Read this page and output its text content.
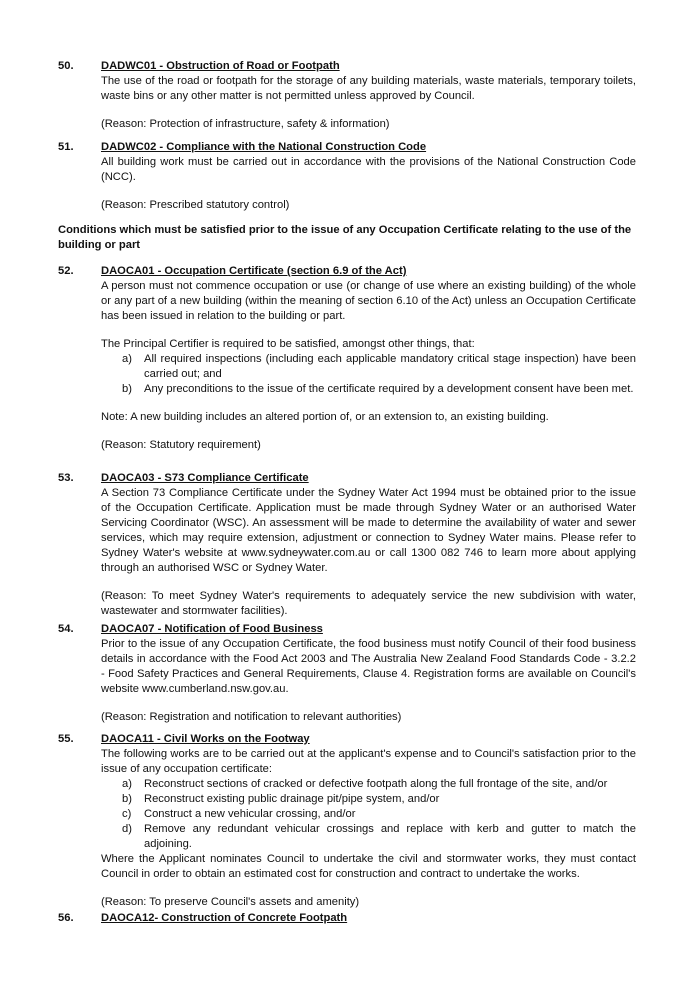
50. DADWC01 - Obstruction of Road or Footpath

The use of the road or footpath for the storage of any building materials, waste materials, temporary toilets, waste bins or any other matter is not permitted unless approved by Council.

(Reason: Protection of infrastructure, safety & information)

51. DADWC02 - Compliance with the National Construction Code

All building work must be carried out in accordance with the provisions of the National Construction Code (NCC).

(Reason: Prescribed statutory control)

Conditions which must be satisfied prior to the issue of any Occupation Certificate relating to the use of the building or part
52. DAOCA01 - Occupation Certificate (section 6.9 of the Act)

A person must not commence occupation or use (or change of use where an existing building) of the whole or any part of a new building (within the meaning of section 6.10 of the Act) unless an Occupation Certificate has been issued in relation to the building or part.

The Principal Certifier is required to be satisfied, amongst other things, that:

a) All required inspections (including each applicable mandatory critical stage inspection) have been carried out; and
b) Any preconditions to the issue of the certificate required by a development consent have been met.

Note: A new building includes an altered portion of, or an extension to, an existing building.

(Reason: Statutory requirement)

53. DAOCA03 - S73 Compliance Certificate

A Section 73 Compliance Certificate under the Sydney Water Act 1994 must be obtained prior to the issue of the Occupation Certificate. Application must be made through Sydney Water or an authorised Water Servicing Coordinator (WSC). An assessment will be made to determine the availability of water and sewer services, which may require extension, adjustment or connection to Sydney Water mains. Please refer to Sydney Water's website at www.sydneywater.com.au or call 1300 082 746 to learn more about applying through an authorised WSC or Sydney Water.

(Reason: To meet Sydney Water's requirements to adequately service the new subdivision with water, wastewater and stormwater facilities).

54. DAOCA07 - Notification of Food Business

Prior to the issue of any Occupation Certificate, the food business must notify Council of their food business details in accordance with the Food Act 2003 and The Australia New Zealand Food Standards Code - 3.2.2 - Food Safety Practices and General Requirements, Clause 4. Registration forms are available on Council's website www.cumberland.nsw.gov.au.

(Reason: Registration and notification to relevant authorities)

55. DAOCA11 - Civil Works on the Footway

The following works are to be carried out at the applicant's expense and to Council's satisfaction prior to the issue of any occupation certificate:

a) Reconstruct sections of cracked or defective footpath along the full frontage of the site, and/or
b) Reconstruct existing public drainage pit/pipe system, and/or
c) Construct a new vehicular crossing, and/or
d) Remove any redundant vehicular crossings and replace with kerb and gutter to match the adjoining.

Where the Applicant nominates Council to undertake the civil and stormwater works, they must contact Council in order to obtain an estimated cost for construction and contract to undertake the works.

(Reason: To preserve Council's assets and amenity)

56. DAOCA12- Construction of Concrete Footpath
